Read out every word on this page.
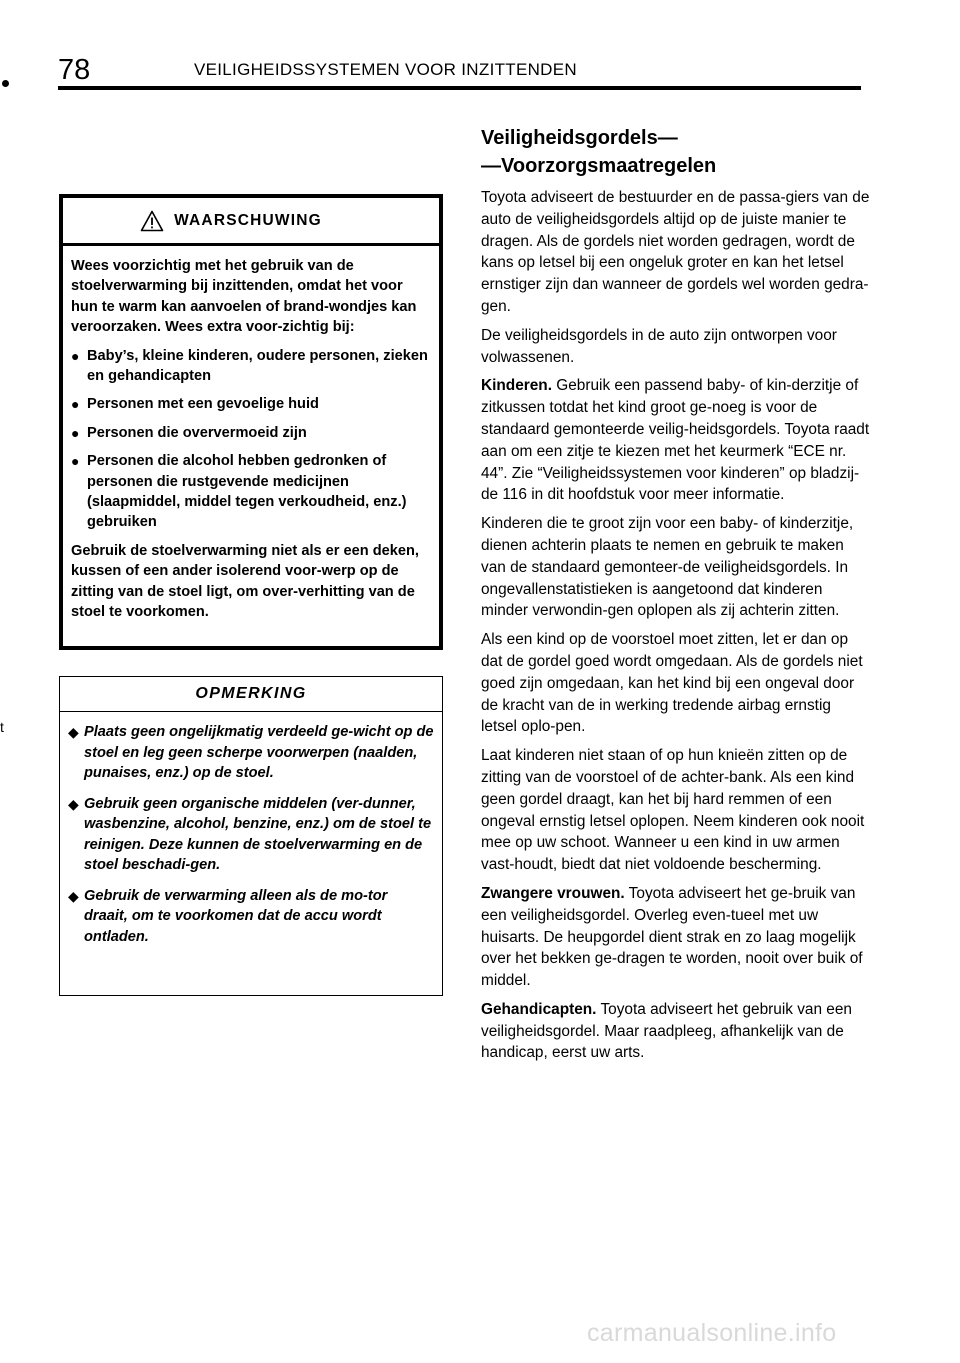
78	VEILIGHEIDSSYSTEMEN VOOR INZITTENDEN
t
WAARSCHUWING

Wees voorzichtig met het gebruik van de stoelverwarming bij inzittenden, omdat het voor hun te warm kan aanvoelen of brand-wondjes kan veroorzaken. Wees extra voor-zichtig bij:

● Baby’s, kleine kinderen, oudere personen, zieken en gehandicapten
● Personen met een gevoelige huid
● Personen die oververmoeid zijn
● Personen die alcohol hebben gedronken of personen die rustgevende medicijnen (slaapmiddel, middel tegen verkoudheid, enz.) gebruiken

Gebruik de stoelverwarming niet als er een deken, kussen of een ander isolerend voor-werp op de zitting van de stoel ligt, om over-verhitting van de stoel te voorkomen.

OPMERKING
◆ Plaats geen ongelijkmatig verdeeld ge-wicht op de stoel en leg geen scherpe voorwerpen (naalden, punaises, enz.) op de stoel.
◆ Gebruik geen organische middelen (ver-dunner, wasbenzine, alcohol, benzine, enz.) om de stoel te reinigen. Deze kunnen de stoelverwarming en de stoel beschadi-gen.
◆ Gebruik de verwarming alleen als de mo-tor draait, om te voorkomen dat de accu wordt ontladen.
Veiligheidsgordels—
—Voorzorgsmaatregelen

Toyota adviseert de bestuurder en de passa-giers van de auto de veiligheidsgordels altijd op de juiste manier te dragen. Als de gordels niet worden gedragen, wordt de kans op letsel bij een ongeluk groter en kan het letsel ernstiger zijn dan wanneer de gordels wel worden gedra-gen.

De veiligheidsgordels in de auto zijn ontworpen voor volwassenen.

Kinderen. Gebruik een passend baby- of kin-derzitje of zitkussen totdat het kind groot ge-noeg is voor de standaard gemonteerde veilig-heidsgordels. Toyota raadt aan om een zitje te kiezen met het keurmerk “ECE nr. 44”. Zie “Veiligheidssystemen voor kinderen” op bladzij-de 116 in dit hoofdstuk voor meer informatie.

Kinderen die te groot zijn voor een baby- of kinderzitje, dienen achterin plaats te nemen en gebruik te maken van de standaard gemonteer-de veiligheidsgordels. In ongevallenstatistieken is aangetoond dat kinderen minder verwondin-gen oplopen als zij achterin zitten.

Als een kind op de voorstoel moet zitten, let er dan op dat de gordel goed wordt omgedaan. Als de gordels niet goed zijn omgedaan, kan het kind bij een ongeval door de kracht van de in werking tredende airbag ernstig letsel oplo-pen.

Laat kinderen niet staan of op hun knieën zitten op de zitting van de voorstoel of de achter-bank. Als een kind geen gordel draagt, kan het bij hard remmen of een ongeval ernstig letsel oplopen. Neem kinderen ook nooit mee op uw schoot. Wanneer u een kind in uw armen vast-houdt, biedt dat niet voldoende bescherming.

Zwangere vrouwen. Toyota adviseert het ge-bruik van een veiligheidsgordel. Overleg even-tueel met uw huisarts. De heupgordel dient strak en zo laag mogelijk over het bekken ge-dragen te worden, nooit over buik of middel.

Gehandicapten. Toyota adviseert het gebruik van een veiligheidsgordel. Maar raadpleeg, afhankelijk van de handicap, eerst uw arts.

carmanualsonline.info
